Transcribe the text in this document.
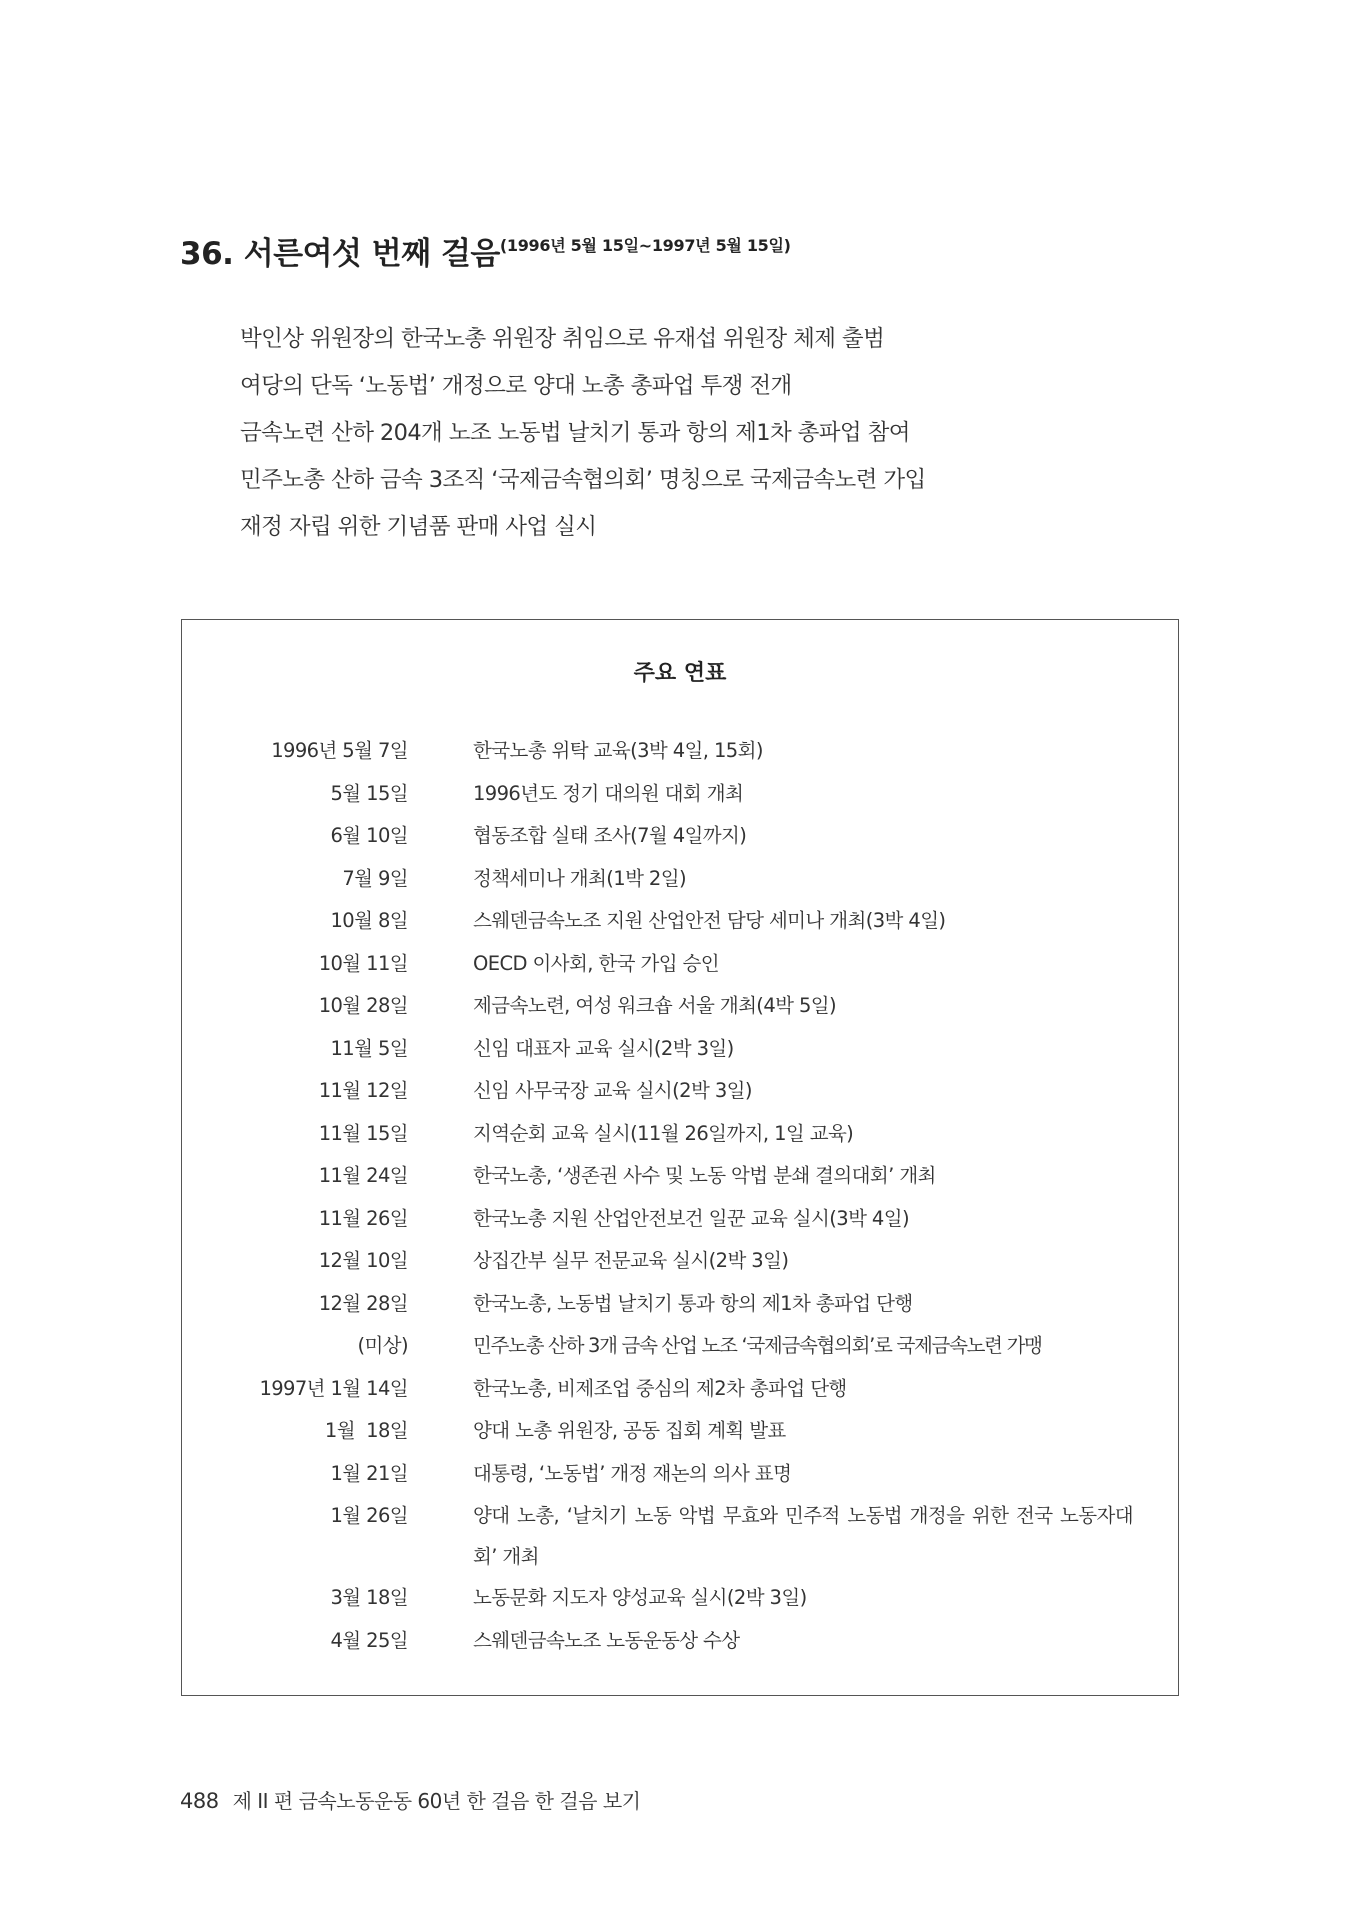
36. 서른여섯 번째 걸음$^{(1996년 5월 15일\sim 1997년 5월 15일)}$
박인상 위원장의 한국노총 위원장 취임으로 유재섭 위원장 체제 출범
여당의 단독 ‘노동법’ 개정으로 양대 노총 총파업 투쟁 전개
금속노련 산하 204개 노조 노동법 날치기 통과 항의 제1차 총파업 참여
민주노총 산하 금속 3조직 ‘국제금속협의회’ 명칭으로 국제금속노련 가입
재정 자립 위한 기념품 판매 사업 실시
주요 연표
1996년 5월 7일	한국노총 위탁 교육(3박 4일, 15회)
5월 15일	1996년도 정기 대의원 대회 개최
6월 10일	협동조합 실태 조사(7월 4일까지)
7월 9일	정책세미나 개최(1박 2일)
10월 8일	스웨덴금속노조 지원 산업안전 담당 세미나 개최(3박 4일)
10월 11일	OECD 이사회, 한국 가입 승인
10월 28일	제금속노련, 여성 워크숍 서울 개최(4박 5일)
11월 5일	신임 대표자 교육 실시(2박 3일)
11월 12일	신임 사무국장 교육 실시(2박 3일)
11월 15일	지역순회 교육 실시(11월 26일까지, 1일 교육)
11월 24일	한국노총, ‘생존권 사수 및 노동 악법 분쇄 결의대회’ 개최
11월 26일	한국노총 지원 산업안전보건 일꾼 교육 실시(3박 4일)
12월 10일	상집간부 실무 전문교육 실시(2박 3일)
12월 28일	한국노총, 노동법 날치기 통과 항의 제1차 총파업 단행
(미상)	민주노총 산하 3개 금속 산업 노조 ‘국제금속협의회’로 국제금속노련 가맹
1997년 1월 14일	한국노총, 비제조업 중심의 제2차 총파업 단행
1월  18일	양대 노총 위원장, 공동 집회 계획 발표
1월 21일	대통령, ‘노동법’ 개정 재논의 의사 표명
1월 26일	양대 노총, ‘날치기 노동 악법 무효와 민주적 노동법 개정을 위한 전국 노동자대회’ 개최
3월 18일	노동문화 지도자 양성교육 실시(2박 3일)
4월 25일	스웨덴금속노조 노동운동상 수상
488 제 II 편 금속노동운동 60년 한 걸음 한 걸음 보기
